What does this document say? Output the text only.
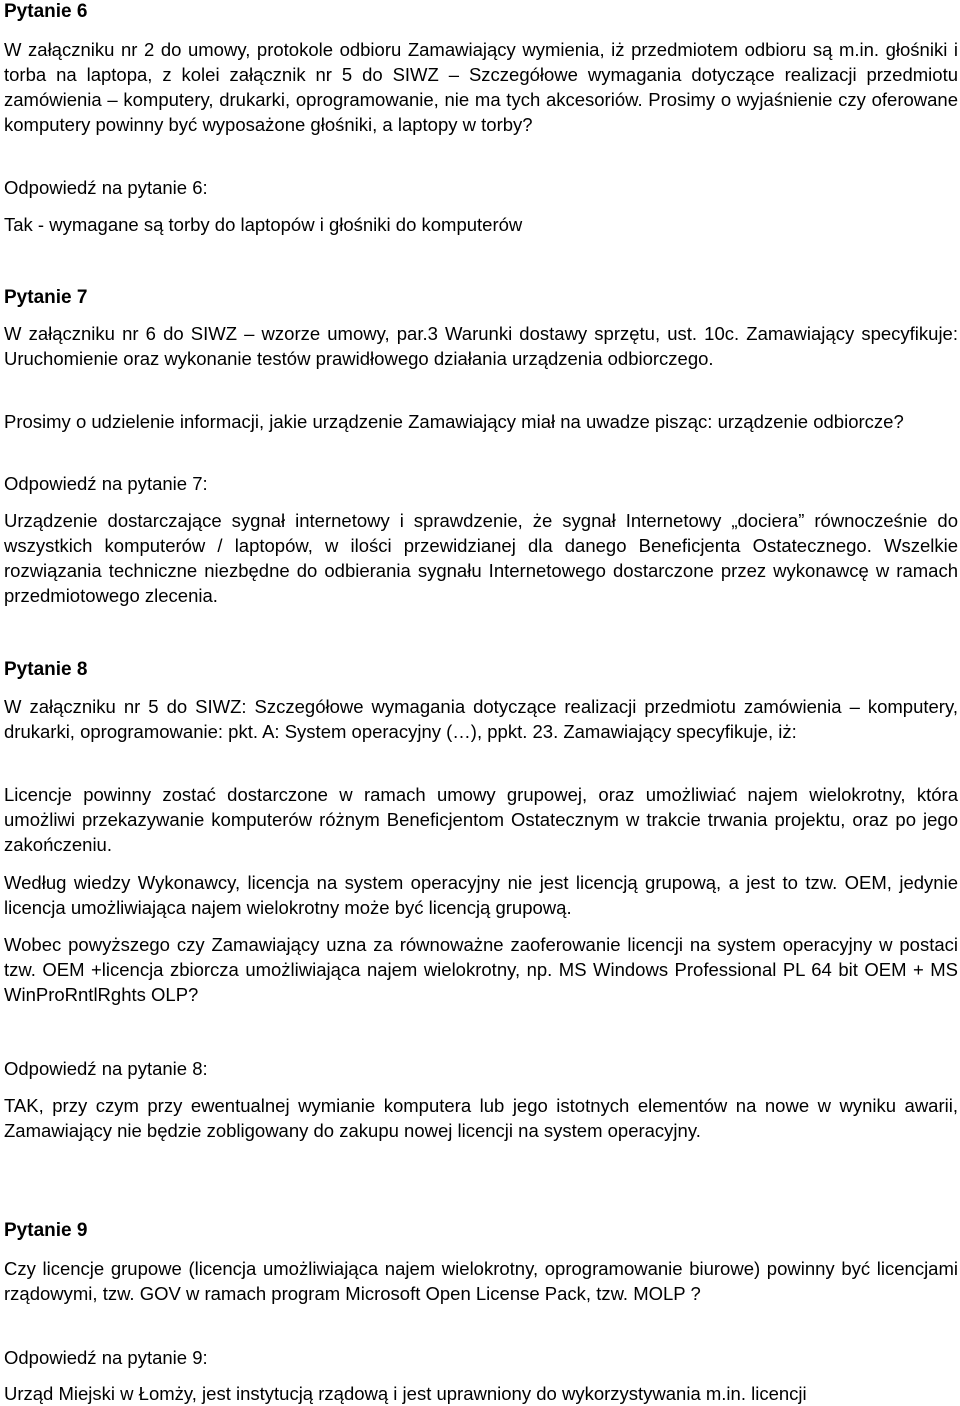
Pytanie 6
W załączniku nr 2 do umowy, protokole odbioru Zamawiający wymienia, iż przedmiotem odbioru są m.in. głośniki i torba na laptopa, z kolei załącznik nr 5 do SIWZ – Szczegółowe wymagania dotyczące realizacji przedmiotu zamówienia – komputery, drukarki, oprogramowanie, nie ma tych akcesoriów. Prosimy o wyjaśnienie czy oferowane komputery powinny być wyposażone głośniki, a laptopy w torby?
Odpowiedź na pytanie 6:
Tak - wymagane są torby do laptopów i głośniki do komputerów
Pytanie 7
W załączniku nr 6 do SIWZ – wzorze umowy, par.3 Warunki dostawy sprzętu, ust. 10c. Zamawiający specyfikuje: Uruchomienie oraz wykonanie testów prawidłowego działania urządzenia odbiorczego.
Prosimy o udzielenie informacji, jakie urządzenie Zamawiający miał na uwadze pisząc: urządzenie odbiorcze?
Odpowiedź na pytanie 7:
Urządzenie dostarczające sygnał internetowy i sprawdzenie, że sygnał Internetowy „dociera” równocześnie do wszystkich komputerów / laptopów, w ilości przewidzianej dla danego Beneficjenta Ostatecznego. Wszelkie rozwiązania techniczne niezbędne do odbierania sygnału Internetowego dostarczone przez wykonawcę w ramach przedmiotowego zlecenia.
Pytanie 8
W załączniku nr 5 do SIWZ: Szczegółowe wymagania dotyczące realizacji przedmiotu zamówienia – komputery, drukarki, oprogramowanie: pkt. A: System operacyjny (…), ppkt. 23. Zamawiający specyfikuje, iż:
Licencje powinny zostać dostarczone w ramach umowy grupowej, oraz umożliwiać najem wielokrotny, która umożliwi przekazywanie komputerów różnym Beneficjentom Ostatecznym w trakcie trwania projektu, oraz po jego zakończeniu.
Według wiedzy Wykonawcy, licencja na system operacyjny nie jest licencją grupową, a jest to tzw. OEM, jedynie licencja umożliwiająca najem wielokrotny może być licencją grupową.
Wobec powyższego czy Zamawiający uzna za równoważne zaoferowanie licencji na system operacyjny w postaci tzw. OEM +licencja zbiorcza umożliwiająca najem wielokrotny, np. MS Windows Professional PL 64 bit OEM + MS WinProRntlRghts OLP?
Odpowiedź na pytanie 8:
TAK, przy czym przy ewentualnej wymianie komputera lub jego istotnych elementów na nowe w wyniku awarii, Zamawiający nie będzie zobligowany do zakupu nowej licencji na system operacyjny.
Pytanie 9
Czy licencje grupowe (licencja umożliwiająca najem wielokrotny, oprogramowanie biurowe) powinny być licencjami rządowymi, tzw. GOV w ramach program Microsoft Open License Pack, tzw. MOLP ?
Odpowiedź na pytanie 9:
Urząd Miejski w Łomży, jest instytucją rządową i jest uprawniony do wykorzystywania m.in. licencji
